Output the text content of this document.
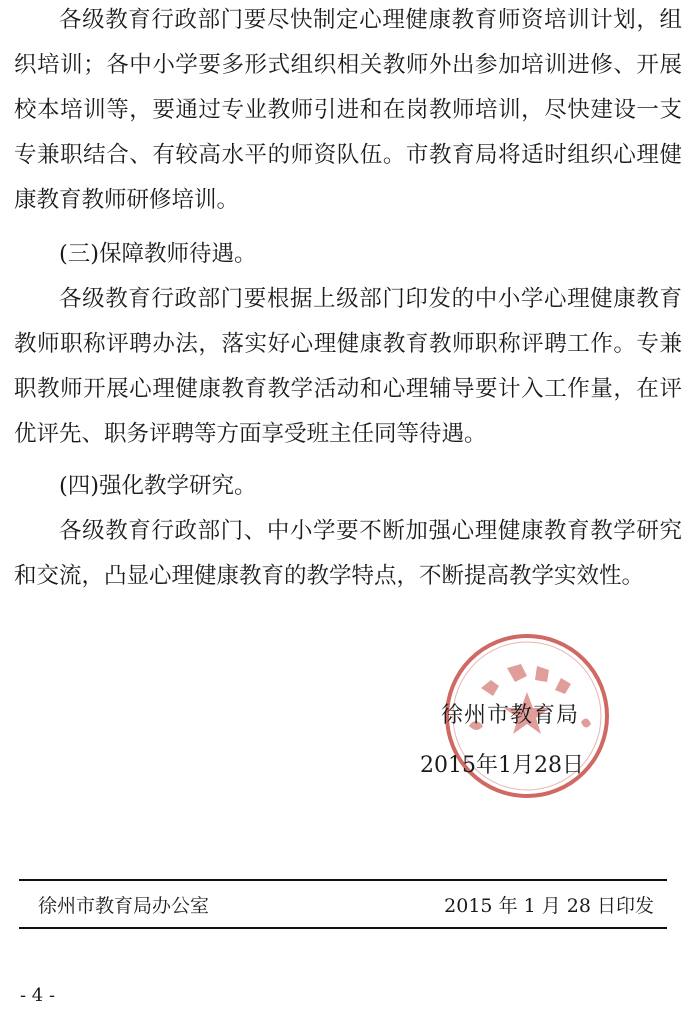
各级教育行政部门要尽快制定心理健康教育师资培训计划，组织培训；各中小学要多形式组织相关教师外出参加培训进修、开展校本培训等，要通过专业教师引进和在岗教师培训，尽快建设一支专兼职结合、有较高水平的师资队伍。市教育局将适时组织心理健康教育教师研修培训。

(三)保障教师待遇。

各级教育行政部门要根据上级部门印发的中小学心理健康教育教师职称评聘办法，落实好心理健康教育教师职称评聘工作。专兼职教师开展心理健康教育教学活动和心理辅导要计入工作量，在评优评先、职务评聘等方面享受班主任同等待遇。

(四)强化教学研究。

各级教育行政部门、中小学要不断加强心理健康教育教学研究和交流，凸显心理健康教育的教学特点，不断提高教学实效性。

徐州市教育局
2015年1月28日
徐州市教育局办公室	2015 年 1 月 28 日印发
- 4 -
